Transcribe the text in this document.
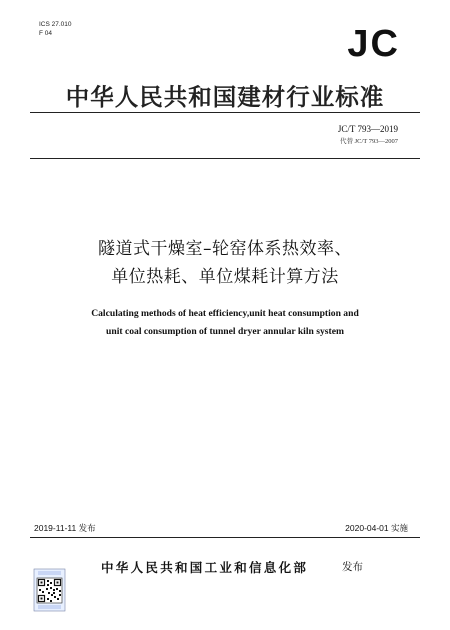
ICS 27.010
F 04	JC
中华人民共和国建材行业标准
JC/T 793—2019
代替 JC/T 793—2007
隧道式干燥室–轮窑体系热效率、
单位热耗、单位煤耗计算方法
Calculating methods of heat efficiency,unit heat consumption and
unit coal consumption of tunnel dryer annular kiln system
2019-11-11 发布	2020-04-01 实施
中华人民共和国工业和信息化部	发布
